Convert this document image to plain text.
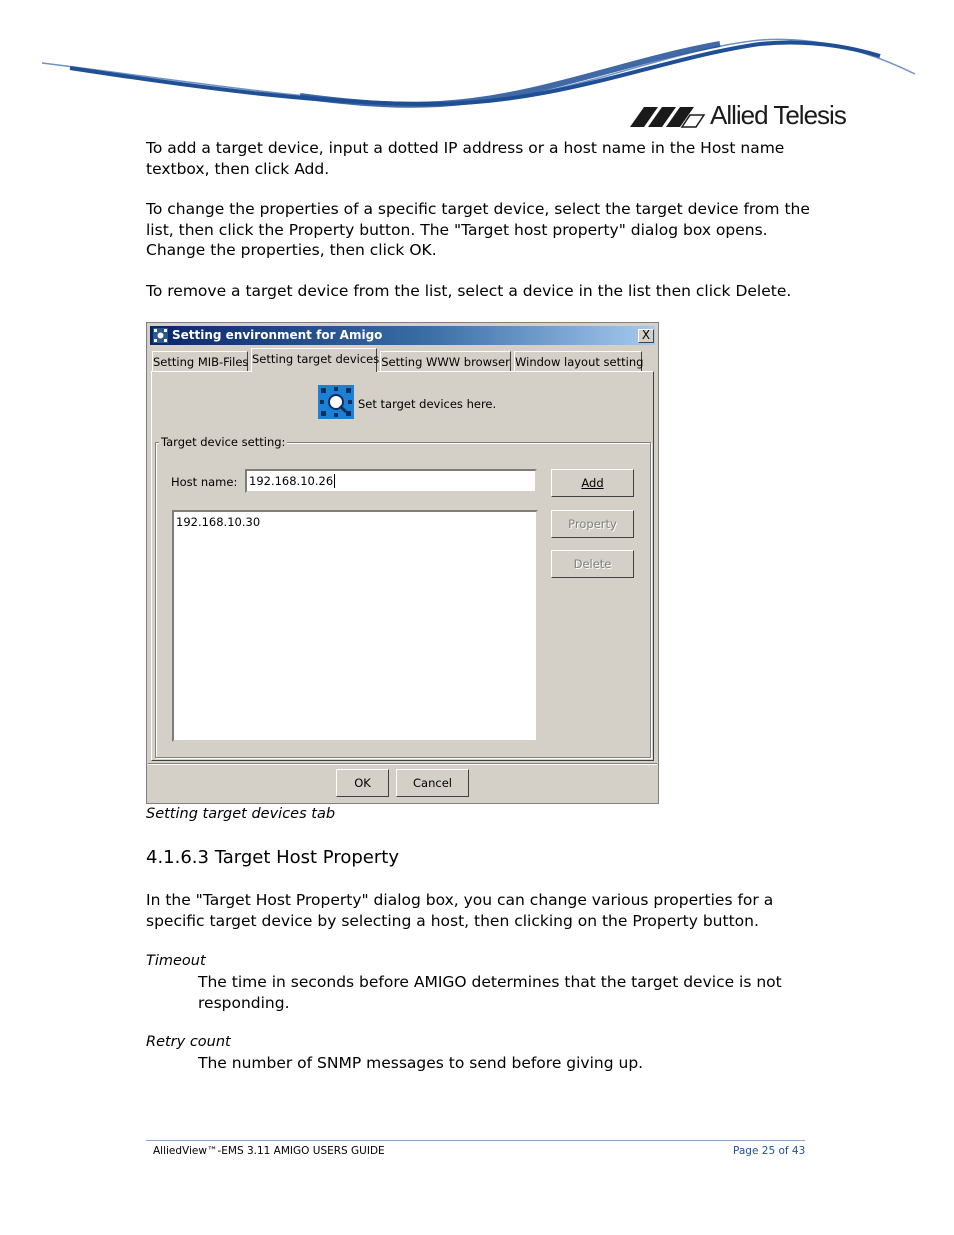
Allied Telesis
To add a target device, input a dotted IP address or a host name in the Host name textbox, then click Add.
To change the properties of a specific target device, select the target device from the list, then click the Property button. The "Target host property" dialog box opens. Change the properties, then click OK.
To remove a target device from the list, select a device in the list then click Delete.
Setting environment for Amigo	X
Setting MIB-Files Setting target devices Setting WWW browser Window layout setting
Set target devices here.
Target device setting:
Host name:	192.168.10.26
192.168.10.30
Add
Property
Delete
OK	Cancel
Setting target devices tab
4.1.6.3 Target Host Property
In the "Target Host Property" dialog box, you can change various properties for a specific target device by selecting a host, then clicking on the Property button.
Timeout
The time in seconds before AMIGO determines that the target device is not responding.
Retry count
The number of SNMP messages to send before giving up.
AlliedView™-EMS 3.11 AMIGO USERS GUIDE	Page 25 of 43
